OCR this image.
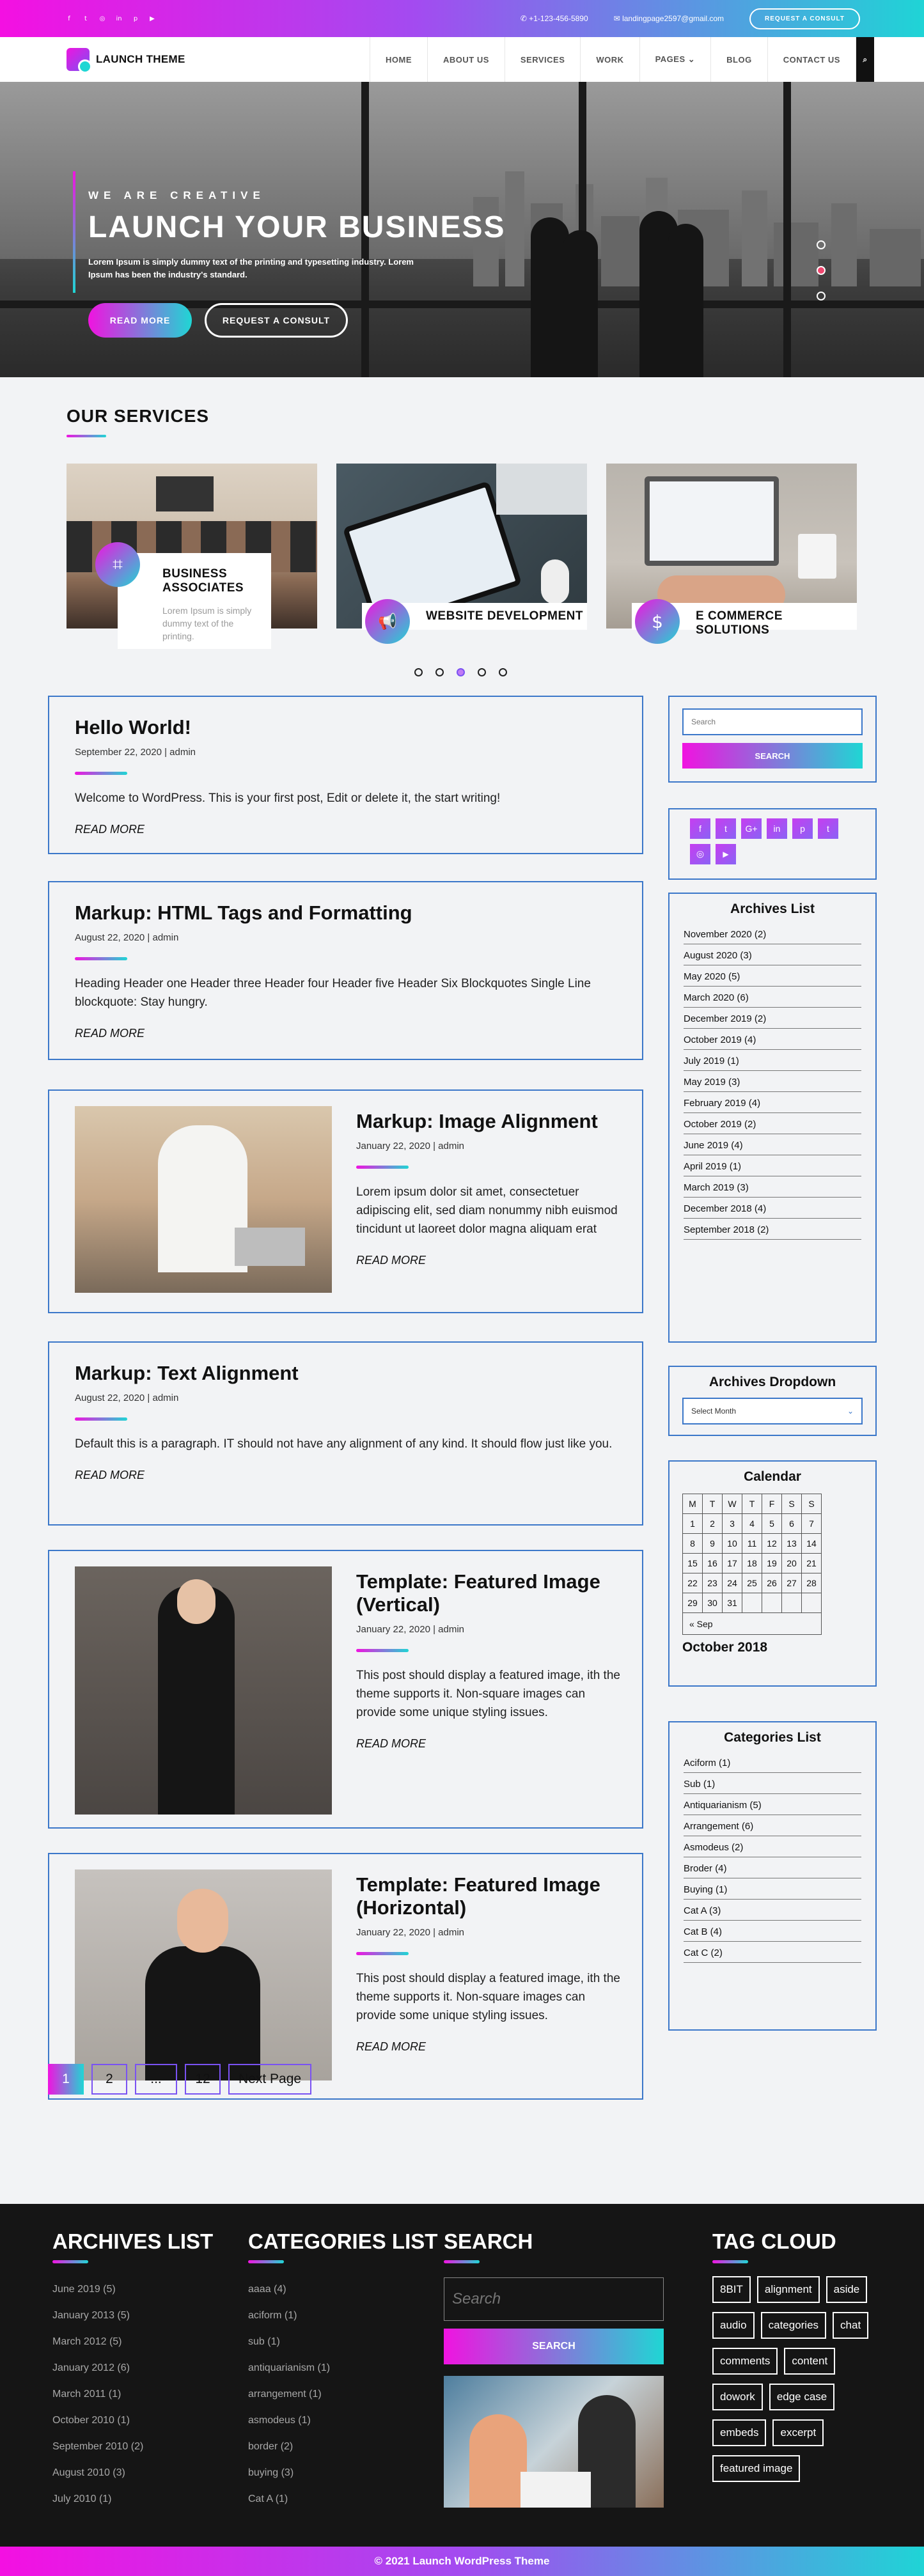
f	t	◎	in	p	▶	✆ +1-123-456-5890	✉ landingpage2597@gmail.com	REQUEST A CONSULT
LAUNCH THEME	HOME	ABOUT US	SERVICES	WORK	PAGES ⌄	BLOG	CONTACT US	⌕
WE ARE CREATIVE
LAUNCH YOUR BUSINESS

Lorem Ipsum is simply dummy text of the printing and typesetting industry. Lorem Ipsum has been the industry's standard.

READ MORE	REQUEST A CONSULT
OUR SERVICES
BUSINESS ASSOCIATES
Lorem Ipsum is simply dummy text of the printing.
⌗
WEBSITE DEVELOPMENT
📢	E COMMERCE SOLUTIONS
$
Hello World!
September 22, 2020 | admin

Welcome to WordPress. This is your first post, Edit or delete it, the start writing!

READ MORE
Markup: HTML Tags and Formatting
August 22, 2020 | admin

Heading Header one Header three Header four Header five Header Six Blockquotes Single Line blockquote: Stay hungry.

READ MORE
Markup: Image Alignment
January 22, 2020 | admin

Lorem ipsum dolor sit amet, consectetuer adipiscing elit, sed diam nonummy nibh euismod tincidunt ut laoreet dolor magna aliquam erat

READ MORE
Markup: Text Alignment
August 22, 2020 | admin

Default this is a paragraph. IT should not have any alignment of any kind. It should flow just like you.

READ MORE
Template: Featured Image (Vertical)
January 22, 2020 | admin

This post should display a featured image, ith the theme supports it. Non-square images can provide some unique styling issues.

READ MORE
Template: Featured Image (Horizontal)
January 22, 2020 | admin

This post should display a featured image, ith the theme supports it. Non-square images can provide some unique styling issues.

READ MORE
1	2	...	12	Next Page
Search
SEARCH
f	t	G+	in	p	t
◎	▶
Archives List
November 2020 (2)
August 2020 (3)
May 2020 (5)
March 2020 (6)
December 2019 (2)
October 2019 (4)
July 2019 (1)
May 2019 (3)
February 2019 (4)
October 2019 (2)
June 2019 (4)
April 2019 (1)
March 2019 (3)
December 2018 (4)
September 2018 (2)
Archives Dropdown
Select Month	⌄
Calendar
M	T	W	T	F	S	S
1	2	3	4	5	6	7
8	9	10	11	12	13	14
15	16	17	18	19	20	21
22	23	24	25	26	27	28
29	30	31				
« Sep						
October 2018
Categories List
Aciform (1)
Sub (1)
Antiquarianism (5)
Arrangement (6)
Asmodeus (2)
Broder (4)
Buying (1)
Cat A (3)
Cat B (4)
Cat C (2)
ARCHIVES LIST
June 2019 (5)
January 2013 (5)
March 2012 (5)
January 2012 (6)
March 2011 (1)
October 2010 (1)
September 2010 (2)
August 2010 (3)
July 2010 (1)
CATEGORIES LIST
aaaa (4)
aciform (1)
sub (1)
antiquarianism (1)
arrangement (1)
asmodeus (1)
border (2)
buying (3)
Cat A (1)
SEARCH
Search
SEARCH
TAG CLOUD
8BIT	alignment	aside
audio	categories	chat
comments	content
dowork	edge case
embeds	excerpt
featured image
© 2021 Launch WordPress Theme
